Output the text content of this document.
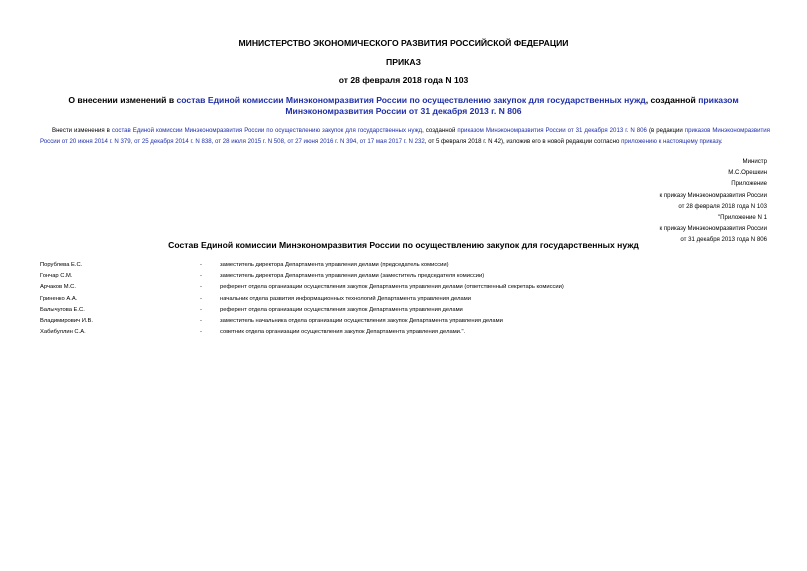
МИНИСТЕРСТВО ЭКОНОМИЧЕСКОГО РАЗВИТИЯ РОССИЙСКОЙ ФЕДЕРАЦИИ
ПРИКАЗ
от 28 февраля 2018 года N 103
О внесении изменений в состав Единой комиссии Минэкономразвития России по осуществлению закупок для государственных нужд, созданной приказом Минэкономразвития России от 31 декабря 2013 г. N 806
Внести изменения в состав Единой комиссии Минэкономразвития России по осуществлению закупок для государственных нужд, созданной приказом Минэкономразвития России от 31 декабря 2013 г. N 806 (в редакции приказов Минэкономразвития России от 20 июня 2014 г. N 379, от 25 декабря 2014 г. N 838, от 28 июля 2015 г. N 508, от 27 июня 2016 г. N 394, от 17 мая 2017 г. N 232, от 5 февраля 2018 г. N 42), изложив его в новой редакции согласно приложению к настоящему приказу.
Министр
М.С.Орешкин
Приложение
к приказу Минэкономразвития России
от 28 февраля 2018 года N 103
"Приложение N 1
к приказу Минэкономразвития России
от 31 декабря 2013 года N 806
Состав Единой комиссии Минэкономразвития России по осуществлению закупок для государственных нужд
Порублева Е.С.	-	заместитель директора Департамента управления делами (председатель комиссии)
Гончар С.М.	-	заместитель директора Департамента управления делами (заместитель председателя комиссии)
Арчаков М.С.	-	референт отдела организации осуществления закупок Департамента управления делами (ответственный секретарь комиссии)
Гриненко А.А.	-	начальник отдела развития информационных технологий Департамента управления делами
Балычугова Е.С.	-	референт отдела организации осуществления закупок Департамента управления делами
Владимирович И.В.	-	заместитель начальника отдела организации осуществления закупок Департамента управления делами
Хабибуллин С.А.	-	советник отдела организации осуществления закупок Департамента управления делами.".
